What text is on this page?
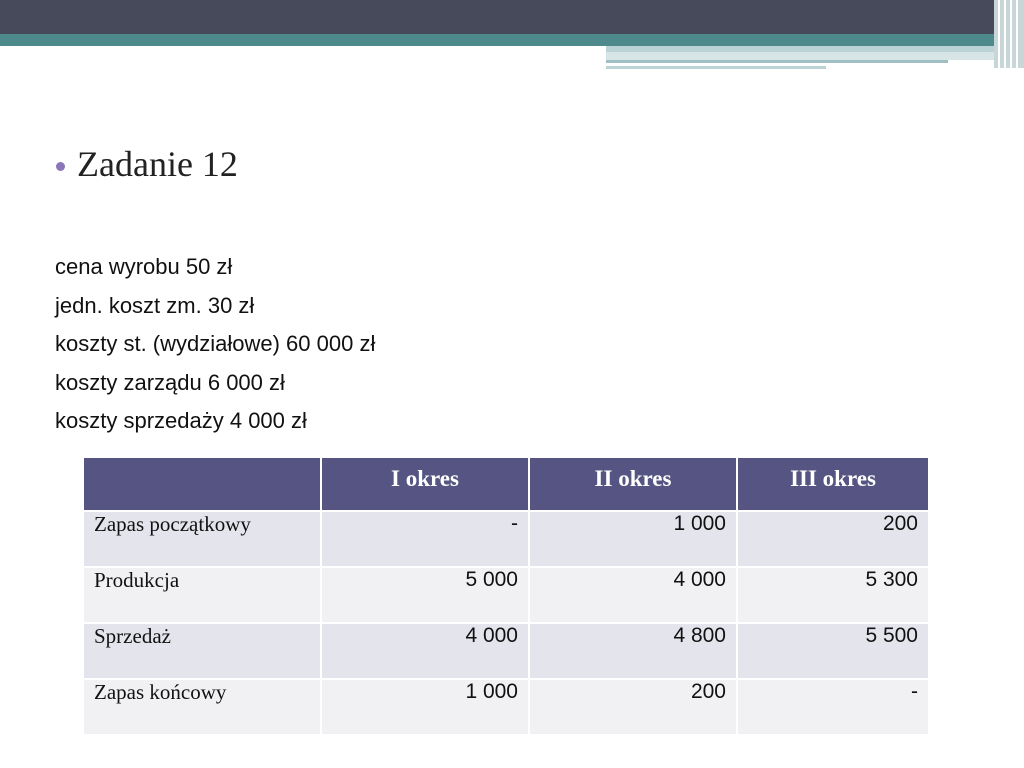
Zadanie 12
cena wyrobu 50 zł
jedn. koszt zm. 30 zł
koszty st. (wydziałowe) 60 000 zł
koszty zarządu 6 000 zł
koszty sprzedaży 4 000 zł
	I okres	II okres	III okres
Zapas początkowy	-	1 000	200
Produkcja	5 000	4 000	5 300
Sprzedaż	4 000	4 800	5 500
Zapas końcowy	1 000	200	-
